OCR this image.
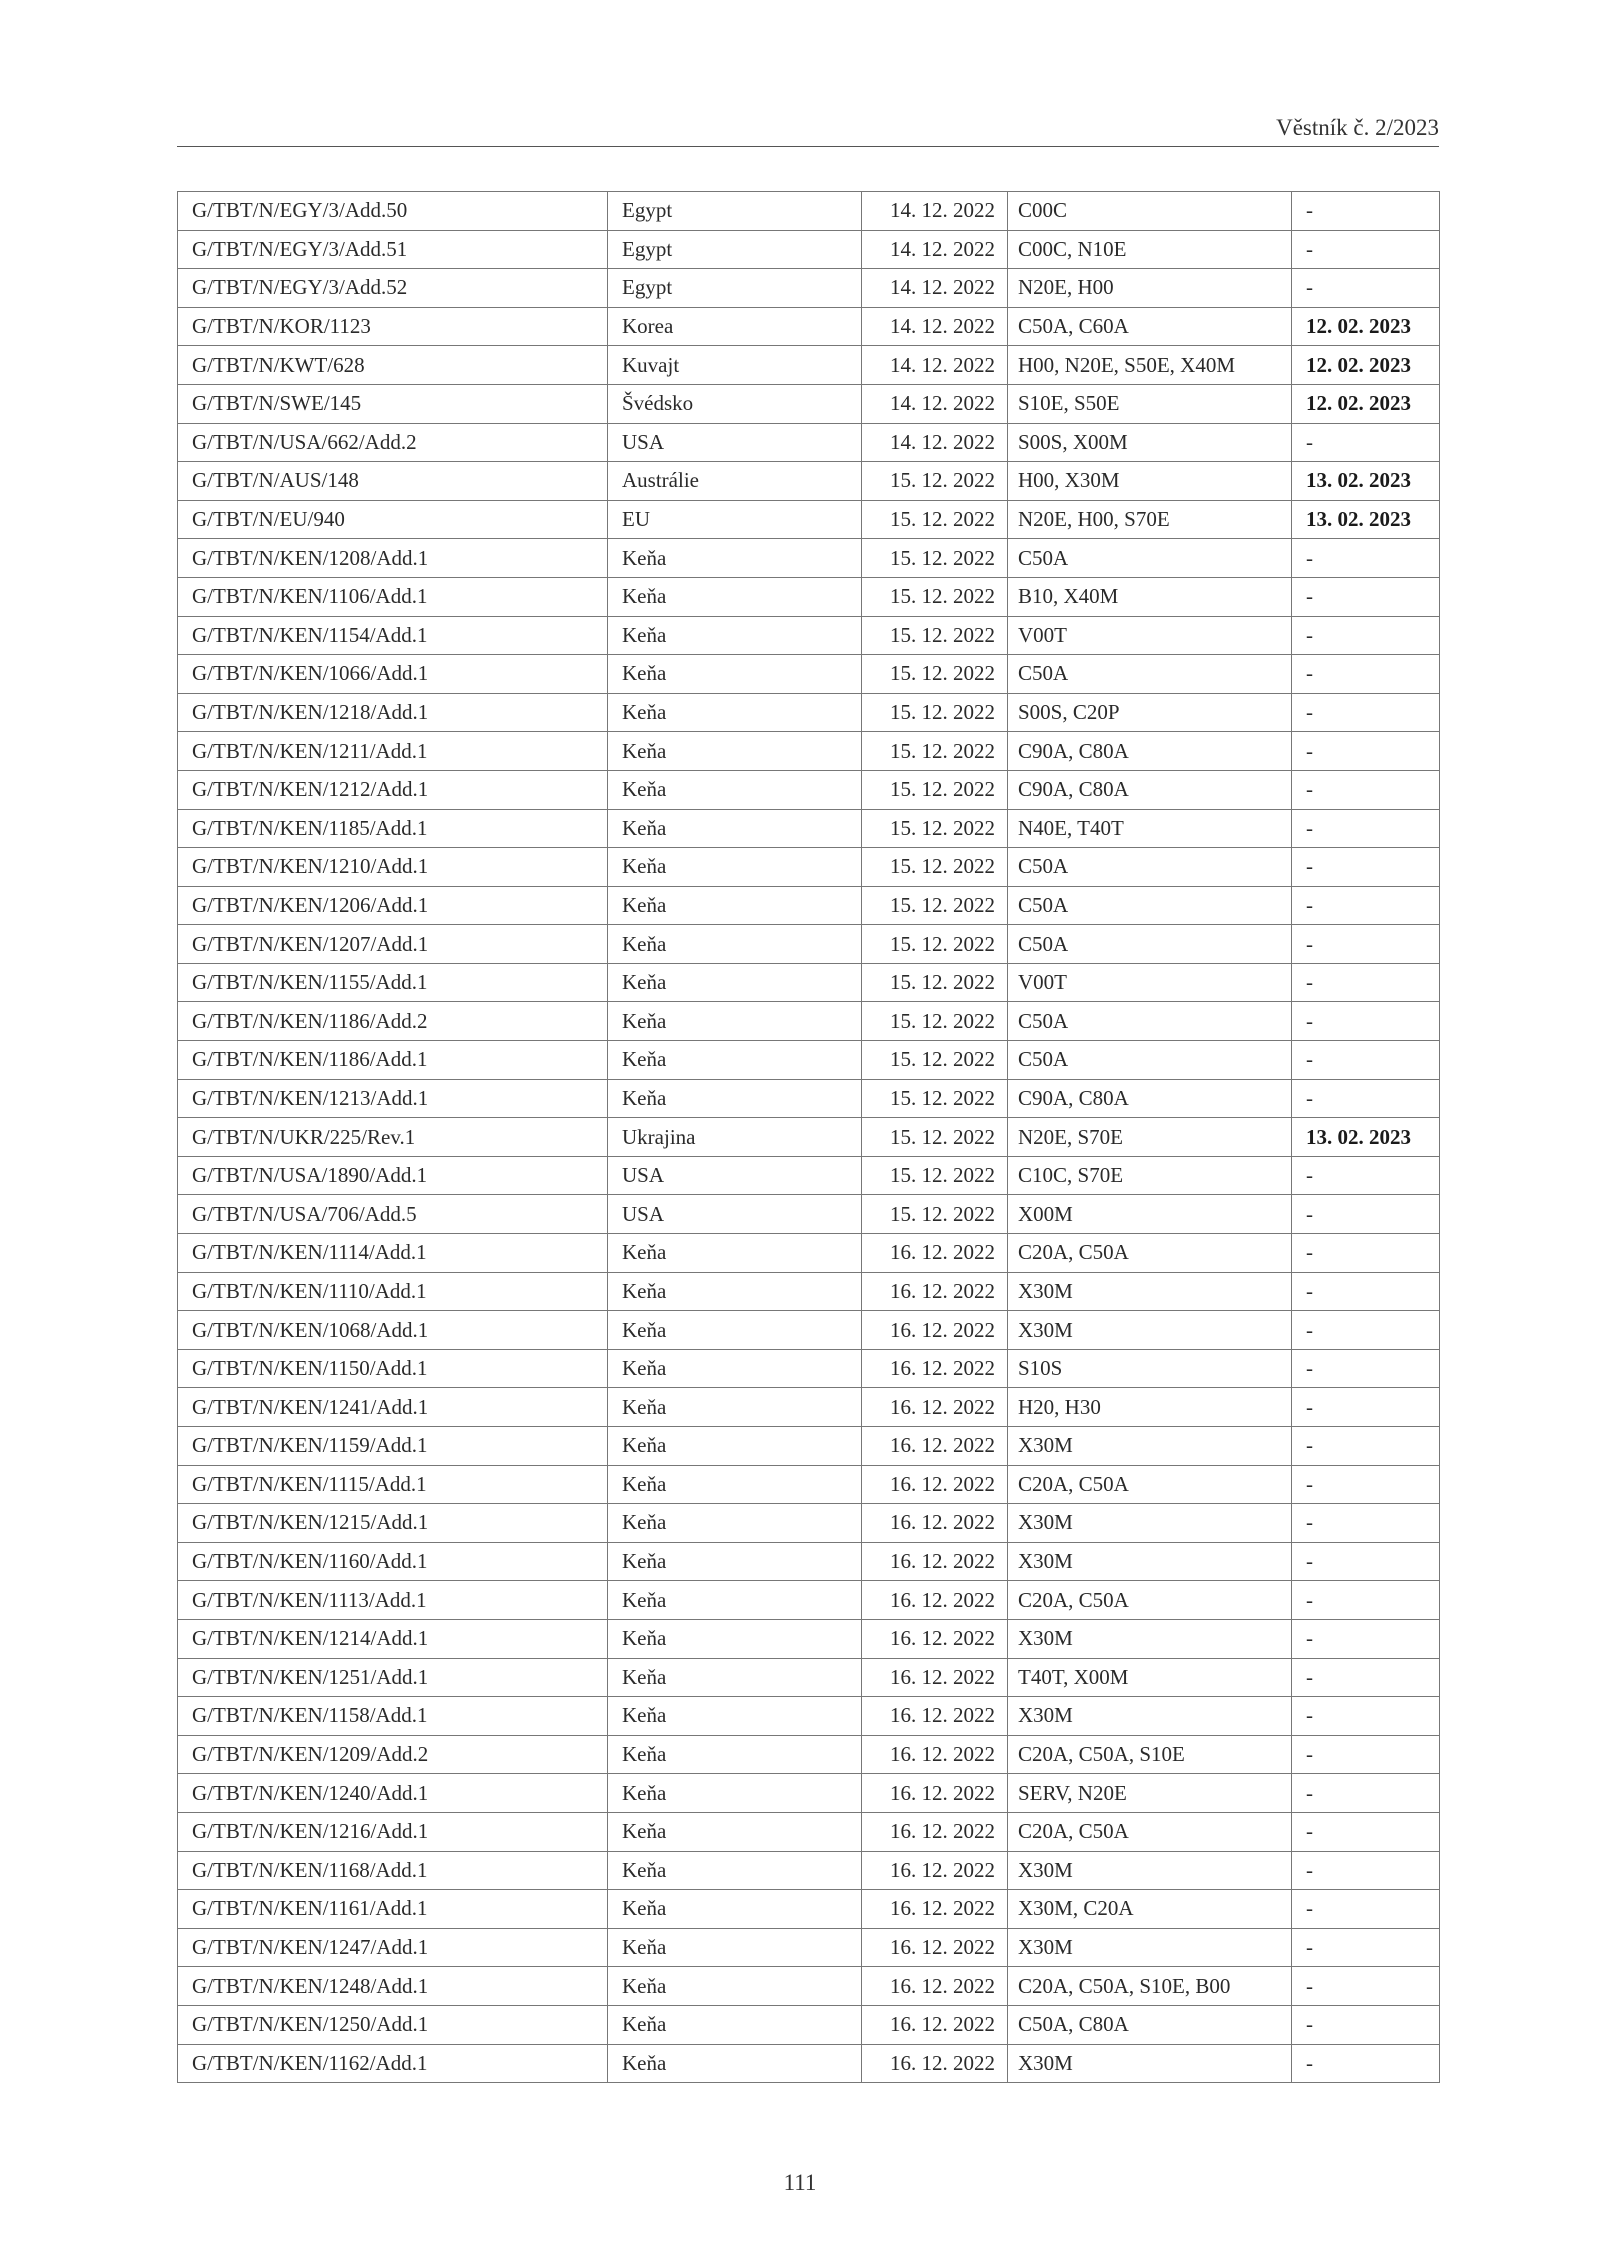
Věstník č. 2/2023
G/TBT/N/EGY/3/Add.50	Egypt	14. 12. 2022	C00C	-
G/TBT/N/EGY/3/Add.51	Egypt	14. 12. 2022	C00C, N10E	-
G/TBT/N/EGY/3/Add.52	Egypt	14. 12. 2022	N20E, H00	-
G/TBT/N/KOR/1123	Korea	14. 12. 2022	C50A, C60A	12. 02. 2023
G/TBT/N/KWT/628	Kuvajt	14. 12. 2022	H00, N20E, S50E, X40M	12. 02. 2023
G/TBT/N/SWE/145	Švédsko	14. 12. 2022	S10E, S50E	12. 02. 2023
G/TBT/N/USA/662/Add.2	USA	14. 12. 2022	S00S, X00M	-
G/TBT/N/AUS/148	Austrálie	15. 12. 2022	H00, X30M	13. 02. 2023
G/TBT/N/EU/940	EU	15. 12. 2022	N20E, H00, S70E	13. 02. 2023
G/TBT/N/KEN/1208/Add.1	Keňa	15. 12. 2022	C50A	-
G/TBT/N/KEN/1106/Add.1	Keňa	15. 12. 2022	B10, X40M	-
G/TBT/N/KEN/1154/Add.1	Keňa	15. 12. 2022	V00T	-
G/TBT/N/KEN/1066/Add.1	Keňa	15. 12. 2022	C50A	-
G/TBT/N/KEN/1218/Add.1	Keňa	15. 12. 2022	S00S, C20P	-
G/TBT/N/KEN/1211/Add.1	Keňa	15. 12. 2022	C90A, C80A	-
G/TBT/N/KEN/1212/Add.1	Keňa	15. 12. 2022	C90A, C80A	-
G/TBT/N/KEN/1185/Add.1	Keňa	15. 12. 2022	N40E, T40T	-
G/TBT/N/KEN/1210/Add.1	Keňa	15. 12. 2022	C50A	-
G/TBT/N/KEN/1206/Add.1	Keňa	15. 12. 2022	C50A	-
G/TBT/N/KEN/1207/Add.1	Keňa	15. 12. 2022	C50A	-
G/TBT/N/KEN/1155/Add.1	Keňa	15. 12. 2022	V00T	-
G/TBT/N/KEN/1186/Add.2	Keňa	15. 12. 2022	C50A	-
G/TBT/N/KEN/1186/Add.1	Keňa	15. 12. 2022	C50A	-
G/TBT/N/KEN/1213/Add.1	Keňa	15. 12. 2022	C90A, C80A	-
G/TBT/N/UKR/225/Rev.1	Ukrajina	15. 12. 2022	N20E, S70E	13. 02. 2023
G/TBT/N/USA/1890/Add.1	USA	15. 12. 2022	C10C, S70E	-
G/TBT/N/USA/706/Add.5	USA	15. 12. 2022	X00M	-
G/TBT/N/KEN/1114/Add.1	Keňa	16. 12. 2022	C20A, C50A	-
G/TBT/N/KEN/1110/Add.1	Keňa	16. 12. 2022	X30M	-
G/TBT/N/KEN/1068/Add.1	Keňa	16. 12. 2022	X30M	-
G/TBT/N/KEN/1150/Add.1	Keňa	16. 12. 2022	S10S	-
G/TBT/N/KEN/1241/Add.1	Keňa	16. 12. 2022	H20, H30	-
G/TBT/N/KEN/1159/Add.1	Keňa	16. 12. 2022	X30M	-
G/TBT/N/KEN/1115/Add.1	Keňa	16. 12. 2022	C20A, C50A	-
G/TBT/N/KEN/1215/Add.1	Keňa	16. 12. 2022	X30M	-
G/TBT/N/KEN/1160/Add.1	Keňa	16. 12. 2022	X30M	-
G/TBT/N/KEN/1113/Add.1	Keňa	16. 12. 2022	C20A, C50A	-
G/TBT/N/KEN/1214/Add.1	Keňa	16. 12. 2022	X30M	-
G/TBT/N/KEN/1251/Add.1	Keňa	16. 12. 2022	T40T, X00M	-
G/TBT/N/KEN/1158/Add.1	Keňa	16. 12. 2022	X30M	-
G/TBT/N/KEN/1209/Add.2	Keňa	16. 12. 2022	C20A, C50A, S10E	-
G/TBT/N/KEN/1240/Add.1	Keňa	16. 12. 2022	SERV, N20E	-
G/TBT/N/KEN/1216/Add.1	Keňa	16. 12. 2022	C20A, C50A	-
G/TBT/N/KEN/1168/Add.1	Keňa	16. 12. 2022	X30M	-
G/TBT/N/KEN/1161/Add.1	Keňa	16. 12. 2022	X30M, C20A	-
G/TBT/N/KEN/1247/Add.1	Keňa	16. 12. 2022	X30M	-
G/TBT/N/KEN/1248/Add.1	Keňa	16. 12. 2022	C20A, C50A, S10E, B00	-
G/TBT/N/KEN/1250/Add.1	Keňa	16. 12. 2022	C50A, C80A	-
G/TBT/N/KEN/1162/Add.1	Keňa	16. 12. 2022	X30M	-
111
